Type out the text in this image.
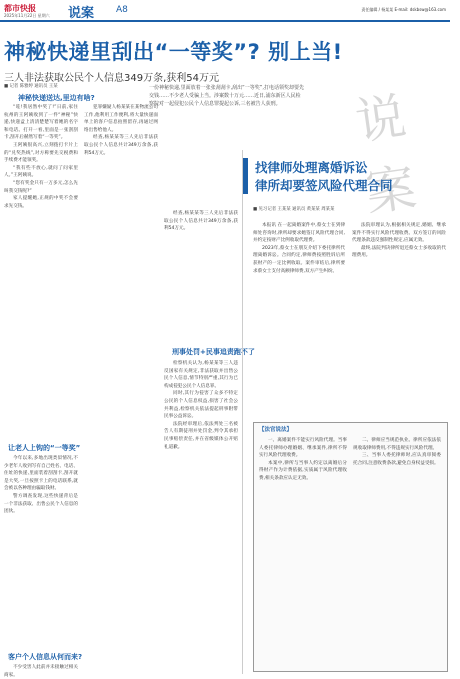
都市快报
2025年11月22日 星期六 说案 A8	责任编辑 / 杨某某 E-mail: dskbsw@163.com
神秘快递里刮出“一等奖”? 别上当!
三人非法获取公民个人信息349万条,获利54万元
一份神秘快递,里面放着一张张刮刮卡,刮出“一等奖”,打电话领奖却要先交钱……不少老人受骗上当。涉案数十万元……近日,浦东新区人民检察院对一起侵犯公民个人信息罪提起公诉,三名被告人获刑。	说案
■ 记者 陈雅婷 通讯员 王某
神秘快递送达,里边有啥?

“哇!我居然中奖了!”日前,家住杭州的王阿姨收到了一件“神秘”快递,快递盒上清清楚楚写着她的名字和电话。打开一看,里面是一张刮刮卡,刮开后赫然写着“一等奖”。

王阿姨很高兴,立刻拨打卡片上的“兑奖热线”,对方称要先交税费和手续费才能领奖。

“我有些不放心,就问了问家里人。”王阿姨说。

“您有奖金只有一万多元,怎么先叫我交钱呢?”

家人提醒她,正规的中奖不会要求先交钱。

让老人上钩的“一等奖”

今年以来,多地出现类似情况,不少老年人收到写有自己姓名、电话、住址的快递,里面装着刮刮卡,刮开就是大奖,一旦按照卡上的电话联系,就会被以各种理由骗取钱财。

警方调查发现,这些快递背后是一个非法获取、出售公民个人信息的团伙。

客户个人信息从何而来?

不少受害人此前并未接触过相关商家。

犯罪嫌疑人杨某某在某物流公司工作,他利用工作便利,将大量快递面单上的客户信息拍照留存,再通过网络出售给他人。

经查,杨某某等三人先后非法获取公民个人信息共计349万余条,获利54万元。

经查,杨某某等三人先后非法获取公民个人信息共计349万余条,获利54万元。

刑事处罚+民事追责跑不了

检察机关认为,杨某某等三人违反国家有关规定,非法获取并出售公民个人信息,情节特别严重,其行为已构成侵犯公民个人信息罪。

同时,其行为侵害了众多不特定公民的个人信息权益,损害了社会公共利益,检察机关依法提起刑事附带民事公益诉讼。

法院经审理后,依法判处三名被告人有期徒刑并处罚金,判令其承担民事赔偿责任,并在省级媒体公开赔礼道歉。

找律师处理离婚诉讼
律所却要签风险代理合同
■ 见习记者 王某某 通讯员 黄某某 周某某

本报讯 在一起离婚案件中,蔡女士在到律师处咨询时,律所却要求她签订风险代理合同,并约定按财产比例收取代理费。

2023年,蔡女士在朋友介绍下委托律所代理离婚诉讼。合同约定,律师费按照胜诉后所获财产的一定比例收取。案件审结后,律所要求蔡女士支付高额律师费,双方产生纠纷。

法院审理认为,根据相关规定,婚姻、继承案件不得实行风险代理收费。双方签订的风险代理条款违反强制性规定,应属无效。

最终,法院判决律所退还蔡女士多收取的代理费用。

【法官说法】

一、离婚案件不能实行风险代理。当事人委托律师办理婚姻、继承案件,律所不得实行风险代理收费。

本案中,律所与当事人约定以离婚后分得财产作为计费依据,实质属于风险代理收费,相关条款应认定无效。

二、律师应当规范执业。律所应依法依规收取律师费用,不得违规实行风险代理。

三、当事人委托律师时,应认真审阅委托合同,注意收费条款,避免自身权益受损。
